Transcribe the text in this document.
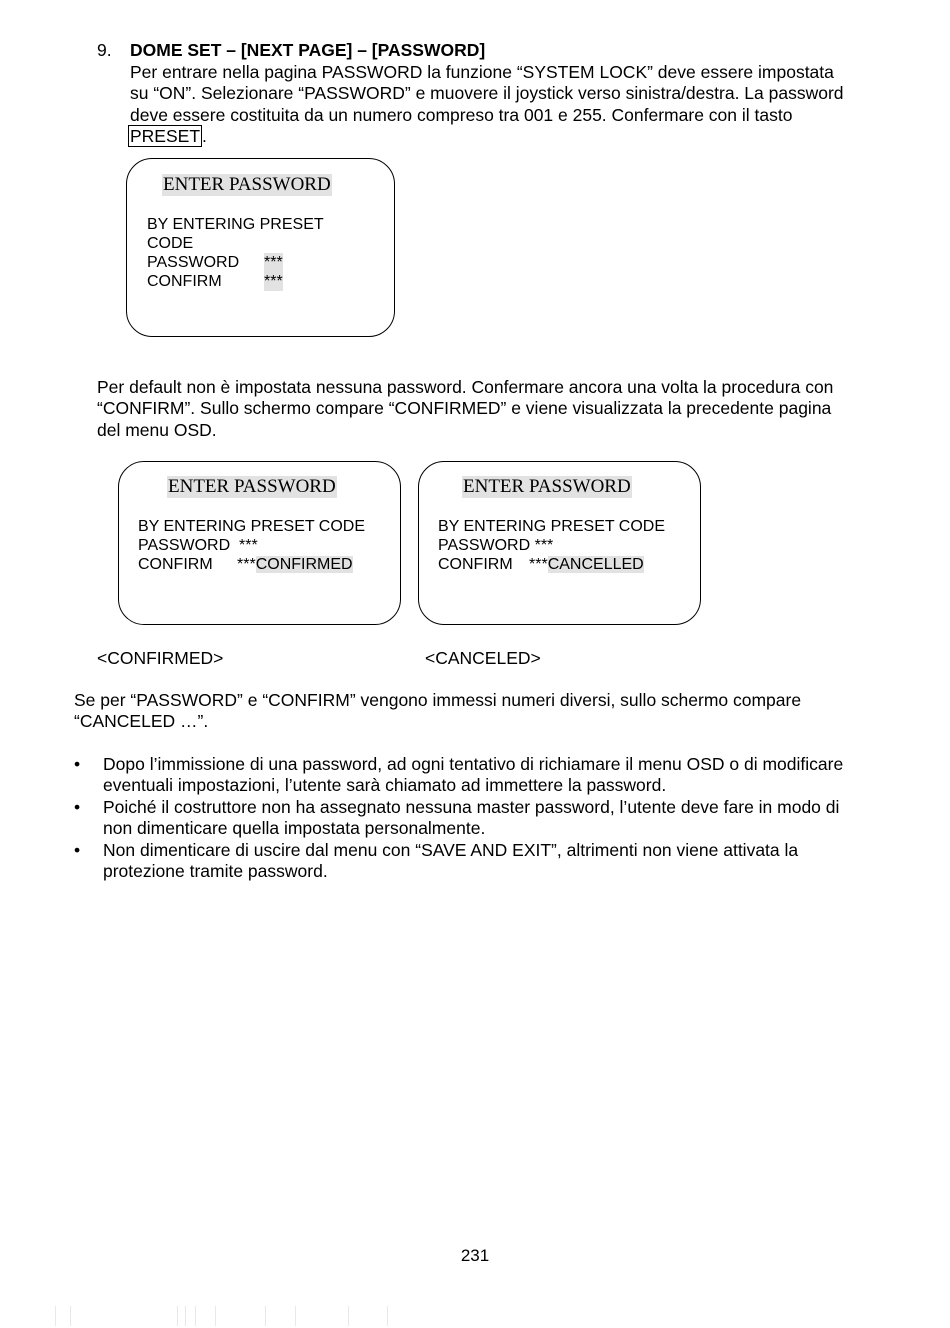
9. DOME SET – [NEXT PAGE] – [PASSWORD]
Per entrare nella pagina PASSWORD la funzione “SYSTEM LOCK” deve essere impostata
su “ON”. Selezionare “PASSWORD” e muovere il joystick verso sinistra/destra. La password
deve essere costituita da un numero compreso tra 001 e 255. Confermare con il tasto
PRESET .
ENTER PASSWORD
BY ENTERING PRESET
CODE
PASSWORD ***
CONFIRM	***
Per default non è impostata nessuna password. Confermare ancora una volta la procedura con
“CONFIRM”. Sullo schermo compare “CONFIRMED” e viene visualizzata la precedente pagina
del menu OSD.
ENTER PASSWORD
BY ENTERING PRESET CODE
PASSWORD  ***
CONFIRM ***CONFIRMED
ENTER PASSWORD
BY ENTERING PRESET CODE
PASSWORD ***
CONFIRM ***CANCELLED
<CONFIRMED>	<CANCELED>
Se per “PASSWORD” e “CONFIRM” vengono immessi numeri diversi, sullo schermo compare
“CANCELED …”.
• Dopo l’immissione di una password, ad ogni tentativo di richiamare il menu OSD o di modificare
eventuali impostazioni, l’utente sarà chiamato ad immettere la password.
• Poiché il costruttore non ha assegnato nessuna master password, l’utente deve fare in modo di
non dimenticare quella impostata personalmente.
• Non dimenticare di uscire dal menu con “SAVE AND EXIT”, altrimenti non viene attivata la
protezione tramite password.
231
